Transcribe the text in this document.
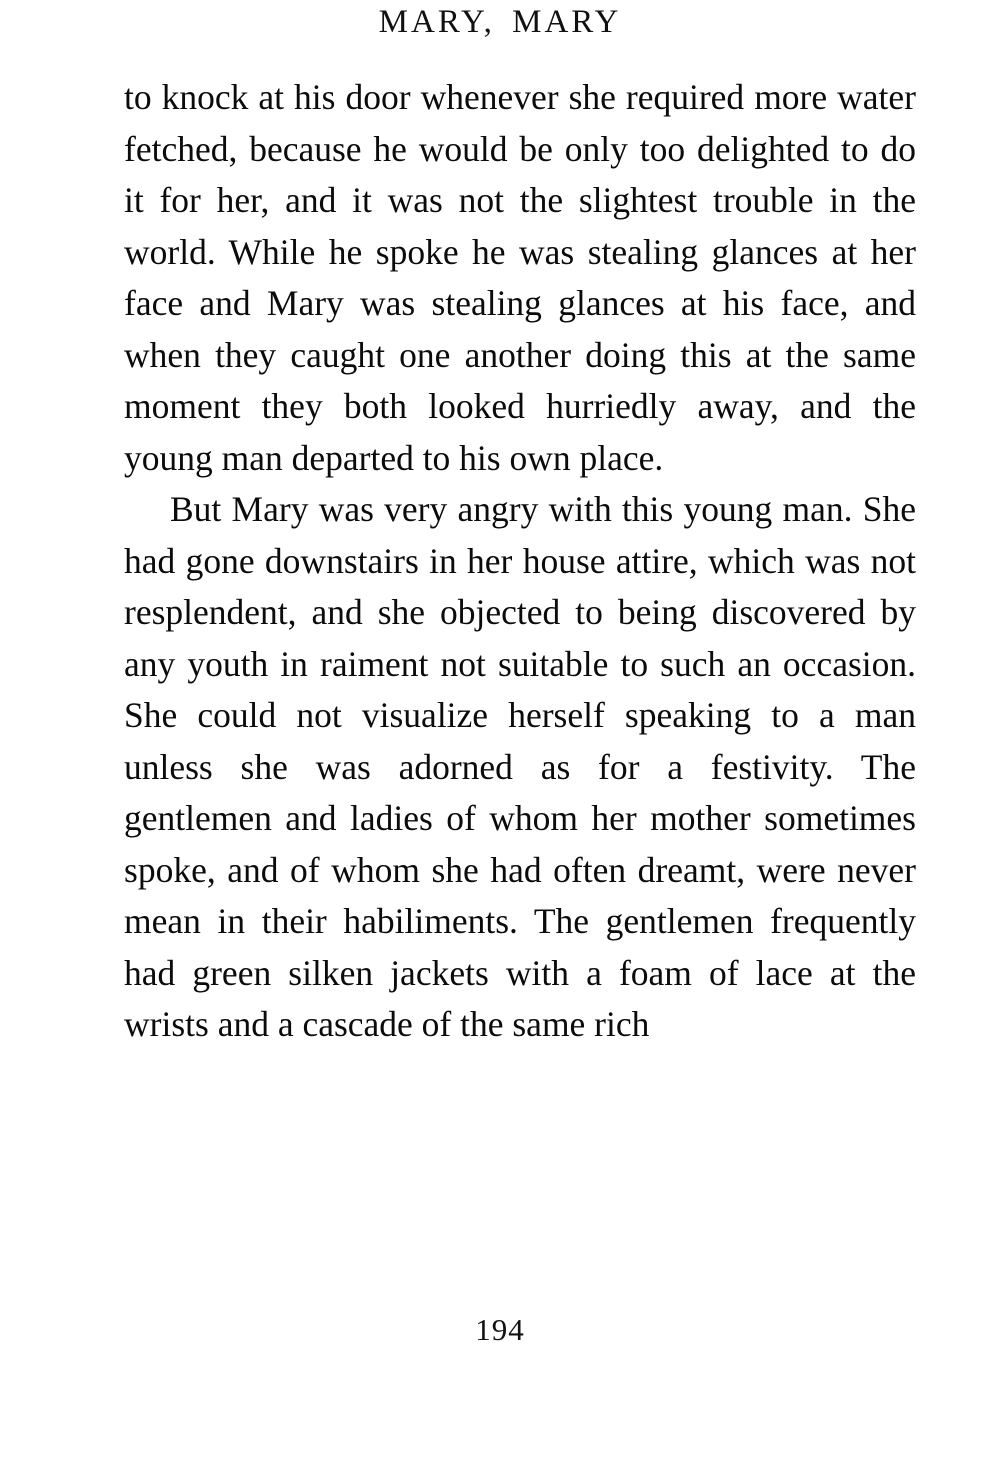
MARY, MARY

to knock at his door whenever she required more water fetched, because he would be only too delighted to do it for her, and it was not the slightest trouble in the world. While he spoke he was stealing glances at her face and Mary was stealing glances at his face, and when they caught one another doing this at the same moment they both looked hurriedly away, and the young man departed to his own place.

But Mary was very angry with this young man. She had gone downstairs in her house attire, which was not resplendent, and she objected to being discovered by any youth in raiment not suitable to such an occasion. She could not visualize herself speaking to a man unless she was adorned as for a festivity. The gentlemen and ladies of whom her mother sometimes spoke, and of whom she had often dreamt, were never mean in their habiliments. The gentlemen frequently had green silken jackets with a foam of lace at the wrists and a cascade of the same rich

194
